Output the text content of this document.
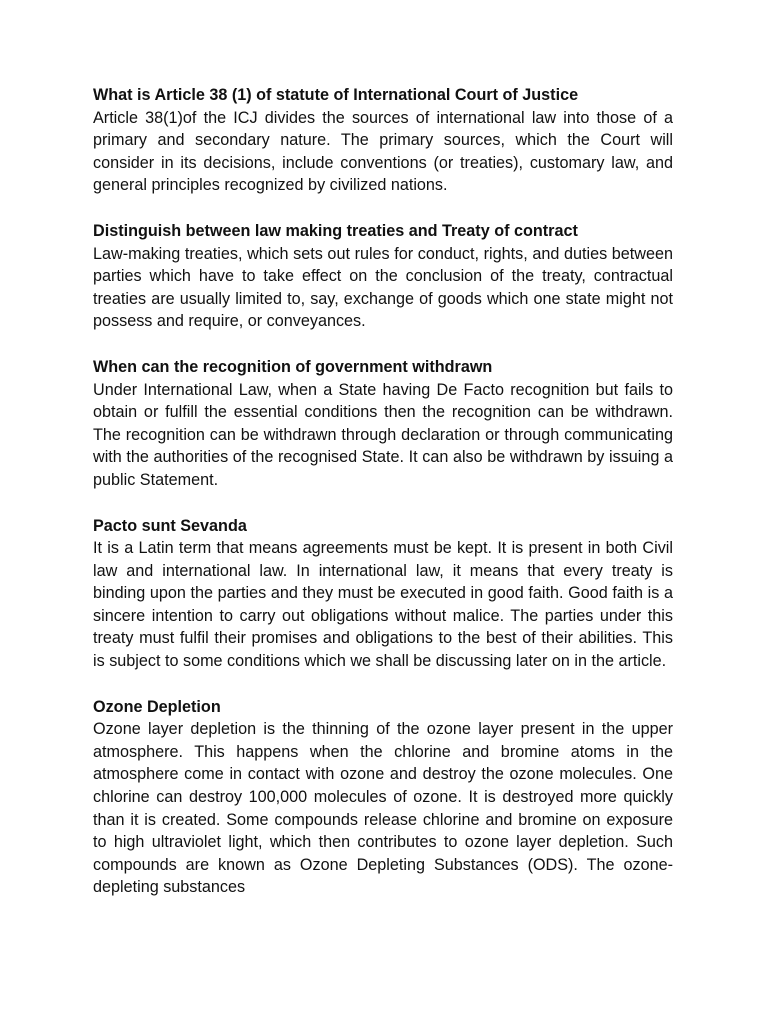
What is Article 38 (1) of statute of International Court of Justice

Article 38(1)of the ICJ divides the sources of international law into those of a primary and secondary nature. The primary sources, which the Court will consider in its decisions, include conventions (or treaties), customary law, and general principles recognized by civilized nations.

Distinguish between law making treaties and Treaty of contract

Law-making treaties, which sets out rules for conduct, rights, and duties between parties which have to take effect on the conclusion of the treaty, contractual treaties are usually limited to, say, exchange of goods which one state might not possess and require, or conveyances.

When can the recognition of government withdrawn

Under International Law, when a State having De Facto recognition but fails to obtain or fulfill the essential conditions then the recognition can be withdrawn. The recognition can be withdrawn through declaration or through communicating with the authorities of the recognised State. It can also be withdrawn by issuing a public Statement.

Pacto sunt Sevanda

It is a Latin term that means agreements must be kept. It is present in both Civil law and international law. In international law, it means that every treaty is binding upon the parties and they must be executed in good faith. Good faith is a sincere intention to carry out obligations without malice. The parties under this treaty must fulfil their promises and obligations to the best of their abilities. This is subject to some conditions which we shall be discussing later on in the article.

Ozone Depletion

Ozone layer depletion is the thinning of the ozone layer present in the upper atmosphere. This happens when the chlorine and bromine atoms in the atmosphere come in contact with ozone and destroy the ozone molecules. One chlorine can destroy 100,000 molecules of ozone. It is destroyed more quickly than it is created. Some compounds release chlorine and bromine on exposure to high ultraviolet light, which then contributes to ozone layer depletion. Such compounds are known as Ozone Depleting Substances (ODS). The ozone-depleting substances
